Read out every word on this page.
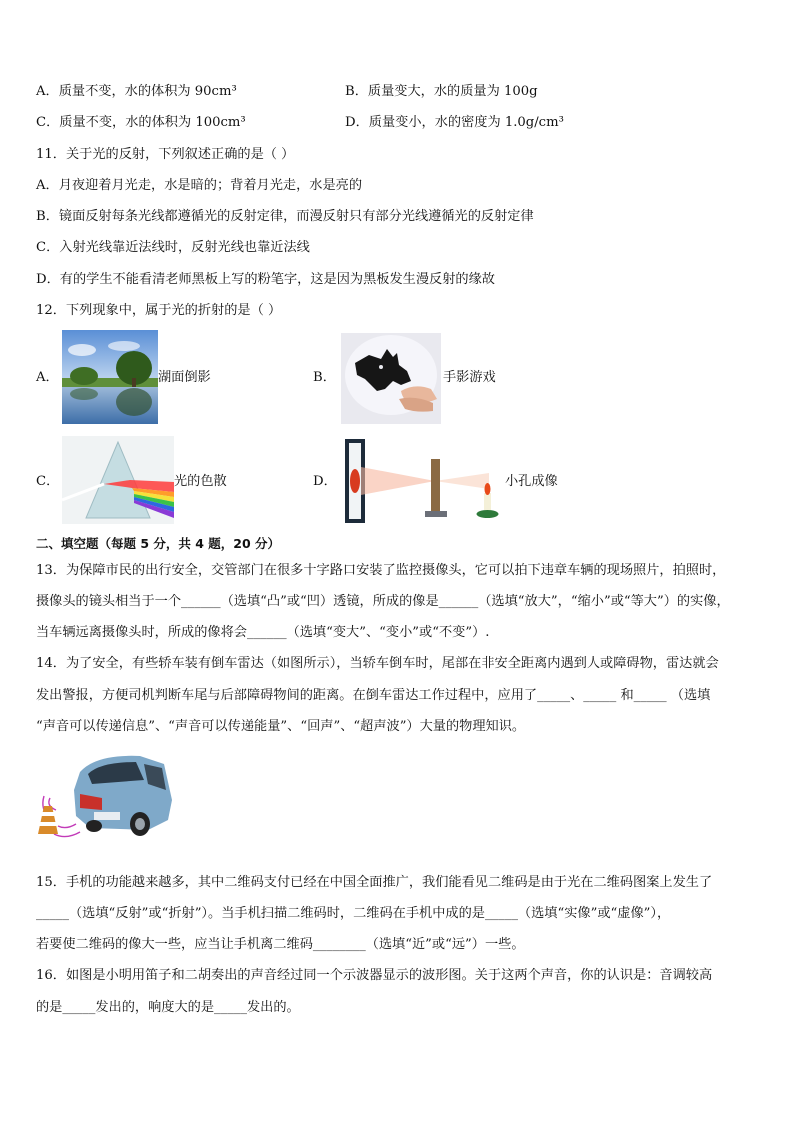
A．质量不变，水的体积为 90cm³	B．质量变大，水的质量为 100g
C．质量不变，水的体积为 100cm³	D．质量变小，水的密度为 1.0g/cm³
11．关于光的反射，下列叙述正确的是（ ）
A．月夜迎着月光走，水是暗的；背着月光走，水是亮的
B．镜面反射每条光线都遵循光的反射定律，而漫反射只有部分光线遵循光的反射定律
C．入射光线靠近法线时，反射光线也靠近法线
D．有的学生不能看清老师黑板上写的粉笔字，这是因为黑板发生漫反射的缘故
12．下列现象中，属于光的折射的是（ ）
A．	湖面倒影	B．	手影游戏
C．	光的色散	D．	小孔成像
二、填空题（每题 5 分，共 4 题，20 分）
13．为保障市民的出行安全，交管部门在很多十字路口安装了监控摄像头，它可以拍下违章车辆的现场照片，拍照时，
摄像头的镜头相当于一个______（选填“凸”或“凹）透镜，所成的像是______（选填“放大”，“缩小”或“等大”）的实像，
当车辆远离摄像头时，所成的像将会______（选填“变大”、“变小”或“不变”）.
14．为了安全，有些轿车装有倒车雷达（如图所示），当轿车倒车时，尾部在非安全距离内遇到人或障碍物，雷达就会
发出警报，方便司机判断车尾与后部障碍物间的距离。在倒车雷达工作过程中，应用了_____、_____ 和_____ （选填
“声音可以传递信息”、“声音可以传递能量”、“回声”、“超声波”）大量的物理知识。
15．手机的功能越来越多，其中二维码支付已经在中国全面推广，我们能看见二维码是由于光在二维码图案上发生了
_____（选填“反射”或“折射”）。当手机扫描二维码时，二维码在手机中成的是_____（选填“实像”或“虚像”），
若要使二维码的像大一些，应当让手机离二维码________（选填“近”或“远”）一些。
16．如图是小明用笛子和二胡奏出的声音经过同一个示波器显示的波形图。关于这两个声音，你的认识是：音调较高
的是_____发出的，响度大的是_____发出的。
